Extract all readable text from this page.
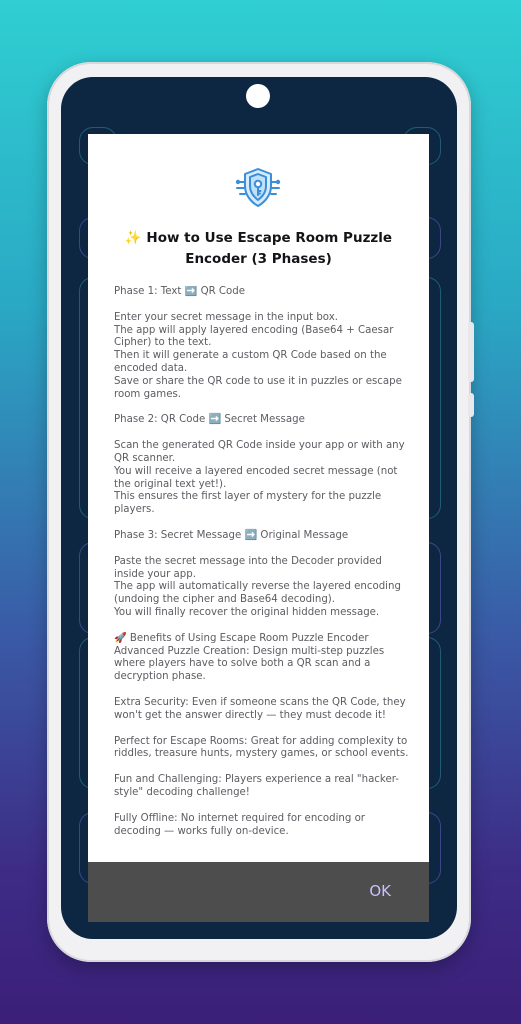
✨ How to Use Escape Room Puzzle Encoder (3 Phases)

Phase 1: Text ➡️ QR Code

Enter your secret message in the input box.
The app will apply layered encoding (Base64 + Caesar Cipher) to the text.
Then it will generate a custom QR Code based on the encoded data.
Save or share the QR code to use it in puzzles or escape room games.

Phase 2: QR Code ➡️ Secret Message

Scan the generated QR Code inside your app or with any QR scanner.
You will receive a layered encoded secret message (not the original text yet!).
This ensures the first layer of mystery for the puzzle players.

Phase 3: Secret Message ➡️ Original Message

Paste the secret message into the Decoder provided inside your app.
The app will automatically reverse the layered encoding (undoing the cipher and Base64 decoding).
You will finally recover the original hidden message.

🚀 Benefits of Using Escape Room Puzzle Encoder
Advanced Puzzle Creation: Design multi-step puzzles where players have to solve both a QR scan and a decryption phase.

Extra Security: Even if someone scans the QR Code, they won't get the answer directly — they must decode it!

Perfect for Escape Rooms: Great for adding complexity to riddles, treasure hunts, mystery games, or school events.

Fun and Challenging: Players experience a real "hacker-style" decoding challenge!

Fully Offline: No internet required for encoding or decoding — works fully on-device.

OK
